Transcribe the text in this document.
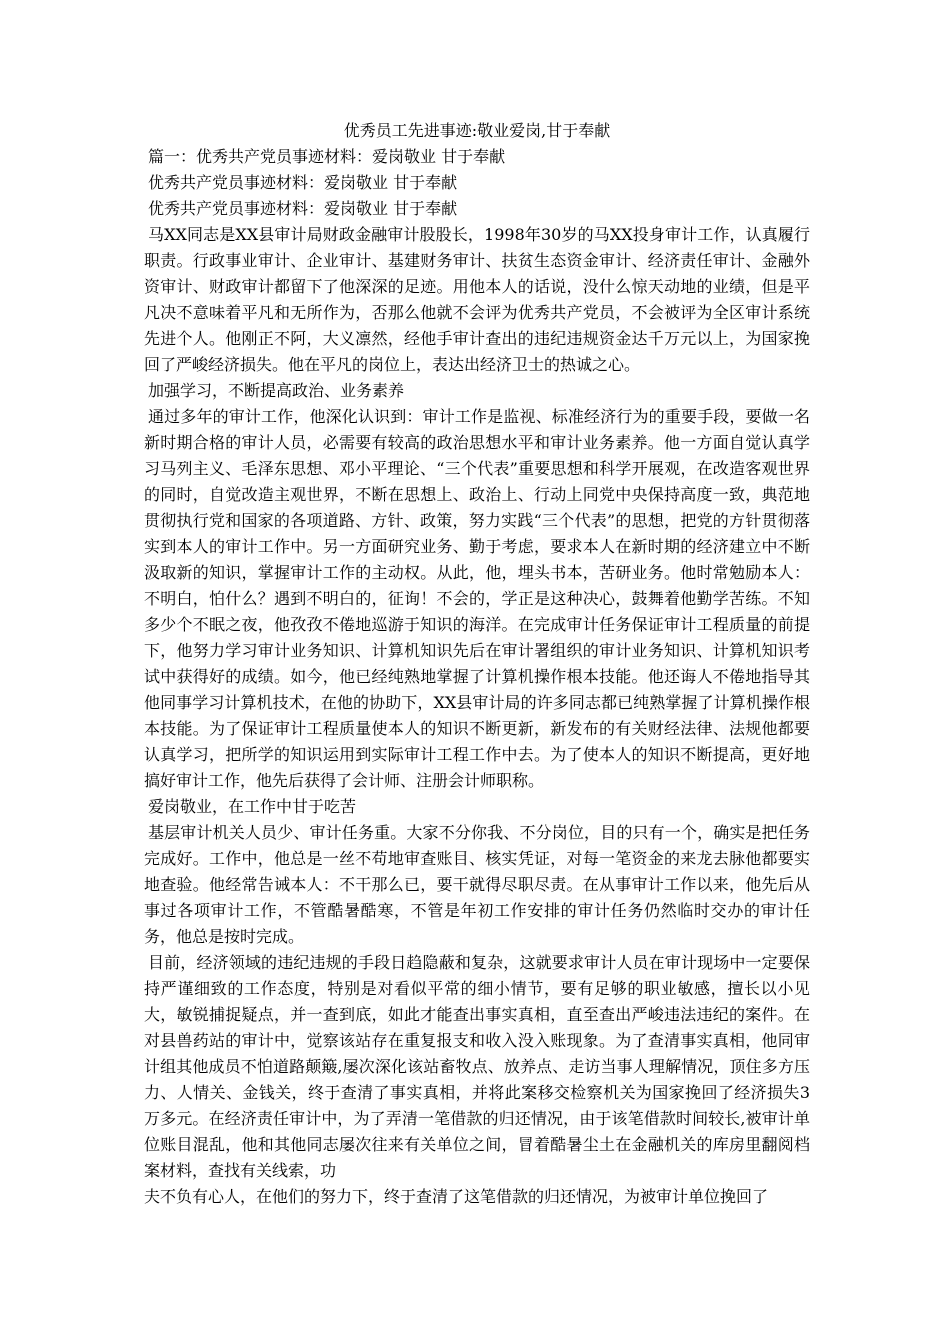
优秀员工先进事迹:敬业爱岗,甘于奉献

篇一：优秀共产党员事迹材料：爱岗敬业 甘于奉献

优秀共产党员事迹材料：爱岗敬业 甘于奉献

优秀共产党员事迹材料：爱岗敬业 甘于奉献

马XX同志是XX县审计局财政金融审计股股长，1998年30岁的马XX投身审计工作，认真履行职责。行政事业审计、企业审计、基建财务审计、扶贫生态资金审计、经济责任审计、金融外资审计、财政审计都留下了他深深的足迹。用他本人的话说，没什么惊天动地的业绩，但是平凡决不意味着平凡和无所作为，否那么他就不会评为优秀共产党员，不会被评为全区审计系统先进个人。他刚正不阿，大义凛然，经他手审计查出的违纪违规资金达千万元以上，为国家挽回了严峻经济损失。他在平凡的岗位上，表达出经济卫士的热诚之心。

加强学习，不断提高政治、业务素养

通过多年的审计工作，他深化认识到：审计工作是监视、标准经济行为的重要手段，要做一名新时期合格的审计人员，必需要有较高的政治思想水平和审计业务素养。他一方面自觉认真学习马列主义、毛泽东思想、邓小平理论、“三个代表”重要思想和科学开展观，在改造客观世界的同时，自觉改造主观世界，不断在思想上、政治上、行动上同党中央保持高度一致，典范地贯彻执行党和国家的各项道路、方针、政策，努力实践“三个代表”的思想，把党的方针贯彻落实到本人的审计工作中。另一方面研究业务、勤于考虑，要求本人在新时期的经济建立中不断汲取新的知识，掌握审计工作的主动权。从此，他，埋头书本，苦研业务。他时常勉励本人：不明白，怕什么？遇到不明白的，征询！不会的，学正是这种决心，鼓舞着他勤学苦练。不知多少个不眠之夜，他孜孜不倦地巡游于知识的海洋。在完成审计任务保证审计工程质量的前提下，他努力学习审计业务知识、计算机知识先后在审计署组织的审计业务知识、计算机知识考试中获得好的成绩。如今，他已经纯熟地掌握了计算机操作根本技能。他还诲人不倦地指导其他同事学习计算机技术，在他的协助下，XX县审计局的许多同志都已纯熟掌握了计算机操作根本技能。为了保证审计工程质量使本人的知识不断更新，新发布的有关财经法律、法规他都要认真学习，把所学的知识运用到实际审计工程工作中去。为了使本人的知识不断提高，更好地搞好审计工作，他先后获得了会计师、注册会计师职称。

爱岗敬业，在工作中甘于吃苦

基层审计机关人员少、审计任务重。大家不分你我、不分岗位，目的只有一个，确实是把任务完成好。工作中，他总是一丝不苟地审查账目、核实凭证，对每一笔资金的来龙去脉他都要实地查验。他经常告诫本人：不干那么已，要干就得尽职尽责。在从事审计工作以来，他先后从事过各项审计工作，不管酷暑酷寒，不管是年初工作安排的审计任务仍然临时交办的审计任务，他总是按时完成。

目前，经济领域的违纪违规的手段日趋隐蔽和复杂，这就要求审计人员在审计现场中一定要保持严谨细致的工作态度，特别是对看似平常的细小情节，要有足够的职业敏感，擅长以小见大，敏锐捕捉疑点，并一查到底，如此才能查出事实真相，直至查出严峻违法违纪的案件。在对县兽药站的审计中，觉察该站存在重复报支和收入没入账现象。为了查清事实真相，他同审计组其他成员不怕道路颠簸,屡次深化该站畜牧点、放养点、走访当事人理解情况，顶住多方压力、人情关、金钱关，终于查清了事实真相，并将此案移交检察机关为国家挽回了经济损失3万多元。在经济责任审计中，为了弄清一笔借款的归还情况，由于该笔借款时间较长,被审计单位账目混乱，他和其他同志屡次往来有关单位之间，冒着酷暑尘土在金融机关的库房里翻阅档案材料，查找有关线索，功

夫不负有心人，在他们的努力下，终于查清了这笔借款的归还情况，为被审计单位挽回了
